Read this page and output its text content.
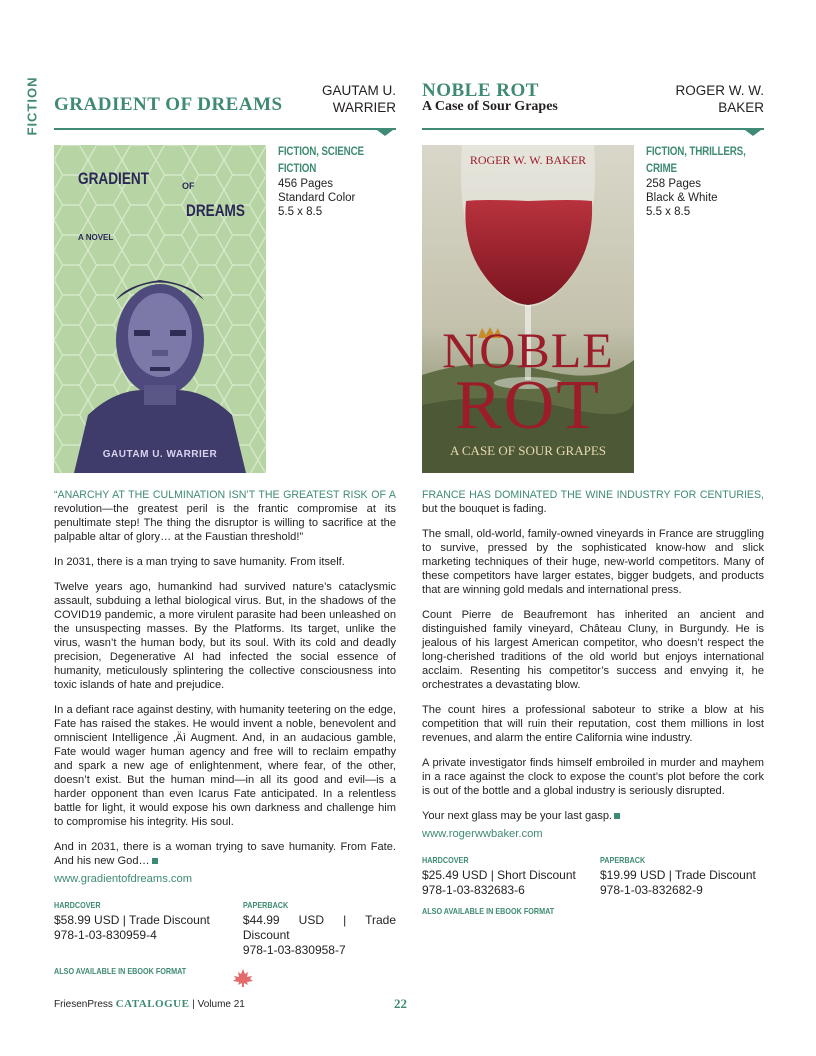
FICTION GRADIENT OF DREAMS
GAUTAM U.
WARRIER
GRADIENT	OF
DREAMS
A NOVEL
GAUTAM U. WARRIER
FICTION, SCIENCE
FICTION
456 Pages
Standard Color
5.5 x 8.5

“ANARCHY AT THE CULMINATION ISN’T THE GREATEST RISK OF A revolution—the greatest peril is the frantic compromise at its penultimate step! The thing the disruptor is willing to sacrifice at the palpable altar of glory… at the Faustian threshold!”

In 2031, there is a man trying to save humanity. From itself.

Twelve years ago, humankind had survived nature’s cataclysmic assault, subduing a lethal biological virus. But, in the shadows of the COVID19 pandemic, a more virulent parasite had been unleashed on the unsuspecting masses. By the Platforms. Its target, unlike the virus, wasn’t the human body, but its soul. With its cold and deadly precision, Degenerative AI had infected the social essence of humanity, meticulously splintering the collective consciousness into toxic islands of hate and prejudice.

In a defiant race against destiny, with humanity teetering on the edge, Fate has raised the stakes. He would invent a noble, benevolent and omniscient Intelligence ‚Äì Augment. And, in an audacious gamble, Fate would wager human agency and free will to reclaim empathy and spark a new age of enlightenment, where fear, of the other, doesn’t exist. But the human mind—in all its good and evil—is a harder opponent than even Icarus Fate anticipated. In a relentless battle for light, it would expose his own darkness and challenge him to compromise his integrity. His soul.

And in 2031, there is a woman trying to save humanity. From Fate. And his new God…

www.gradientofdreams.com
HARDCOVER
$58.99 USD | Trade Discount
978-1-03-830959-4
PAPERBACK
$44.99 USD | Trade Discount
978-1-03-830958-7
ALSO AVAILABLE IN EBOOK FORMAT
NOBLE ROT
A Case of Sour Grapes
ROGER W. W.
BAKER
ROGER W. W. BAKER
NOBLE
ROT
A CASE OF SOUR GRAPES
FICTION, THRILLERS,
CRIME
258 Pages
Black & White
5.5 x 8.5

FRANCE HAS DOMINATED THE WINE INDUSTRY FOR CENTURIES, but the bouquet is fading.

The small, old-world, family-owned vineyards in France are struggling to survive, pressed by the sophisticated know-how and slick marketing techniques of their huge, new-world competitors. Many of these competitors have larger estates, bigger budgets, and products that are winning gold medals and international press.

Count Pierre de Beaufremont has inherited an ancient and distinguished family vineyard, Château Cluny, in Burgundy. He is jealous of his largest American competitor, who doesn’t respect the long-cherished traditions of the old world but enjoys international acclaim. Resenting his competitor’s success and envying it, he orchestrates a devastating blow.

The count hires a professional saboteur to strike a blow at his competition that will ruin their reputation, cost them millions in lost revenues, and alarm the entire California wine industry.

A private investigator finds himself embroiled in murder and mayhem in a race against the clock to expose the count’s plot before the cork is out of the bottle and a global industry is seriously disrupted.

Your next glass may be your last gasp.

www.rogerwwbaker.com
HARDCOVER
$25.49 USD | Short Discount
978-1-03-832683-6
PAPERBACK
$19.99 USD | Trade Discount
978-1-03-832682-9
ALSO AVAILABLE IN EBOOK FORMAT
FriesenPress CATALOGUE | Volume 21	22
